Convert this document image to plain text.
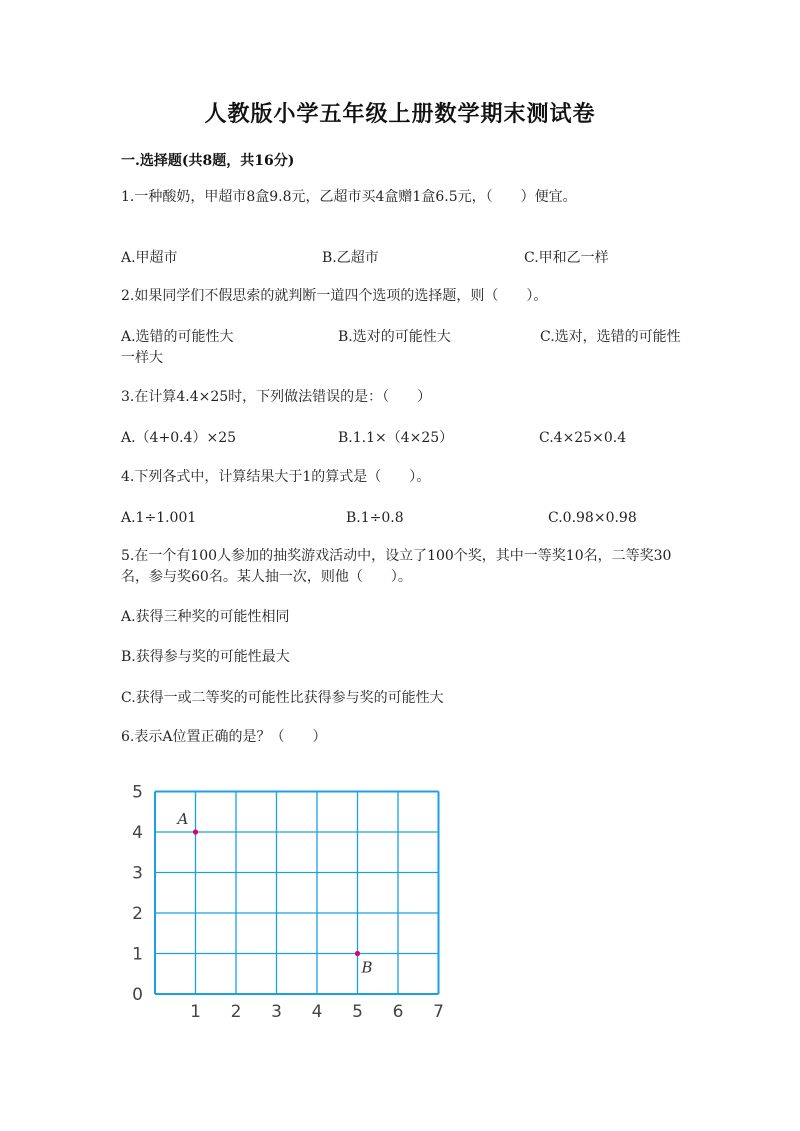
人教版小学五年级上册数学期末测试卷
一.选择题(共8题，共16分)
1.一种酸奶，甲超市8盒9.8元，乙超市买4盒赠1盒6.5元，（　　）便宜。
A.甲超市	B.乙超市	C.甲和乙一样
2.如果同学们不假思索的就判断一道四个选项的选择题，则（　　）。
A.选错的可能性大	B.选对的可能性大	C.选对，选错的可能性一样大
3.在计算4.4×25时，下列做法错误的是：（　　）
A.（4+0.4）×25	B.1.1×（4×25）	C.4×25×0.4
4.下列各式中，计算结果大于1的算式是（　　）。
A.1÷1.001	B.1÷0.8	C.0.98×0.98
5.在一个有100人参加的抽奖游戏活动中，设立了100个奖，其中一等奖10名，二等奖30名，参与奖60名。某人抽一次，则他（　　）。
A.获得三种奖的可能性相同
B.获得参与奖的可能性最大
C.获得一或二等奖的可能性比获得参与奖的可能性大
6.表示A位置正确的是？（　　）
1 2 3 4 5 6 7
0
1
2
3
4
5
A
B
